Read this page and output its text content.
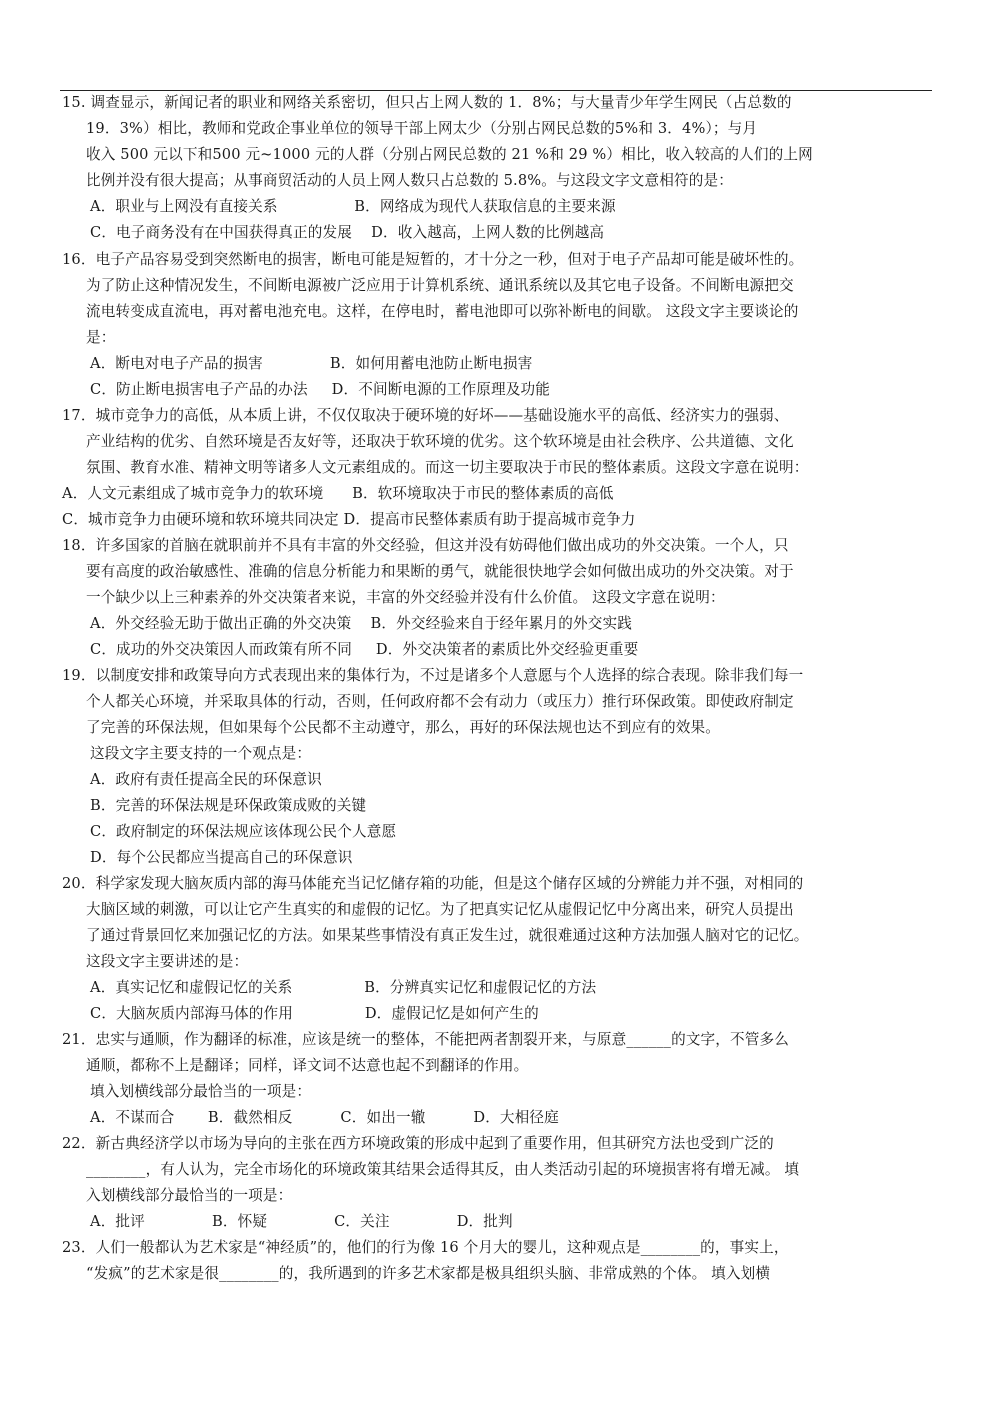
15. 调查显示，新闻记者的职业和网络关系密切，但只占上网人数的 1．8%；与大量青少年学生网民（占总数的
19．3%）相比，教师和党政企事业单位的领导干部上网太少（分别占网民总数的5%和 3．4%）；与月
收入 500 元以下和500 元~1000 元的人群（分别占网民总数的 21 %和 29 %）相比，收入较高的人们的上网
比例并没有很大提高；从事商贸活动的人员上网人数只占总数的 5.8%。与这段文字文意相符的是：
A．职业与上网没有直接关系                B．网络成为现代人获取信息的主要来源
C．电子商务没有在中国获得真正的发展    D．收入越高，上网人数的比例越高
16．电子产品容易受到突然断电的损害，断电可能是短暂的，才十分之一秒，但对于电子产品却可能是破坏性的。
为了防止这种情况发生，不间断电源被广泛应用于计算机系统、通讯系统以及其它电子设备。不间断电源把交
流电转变成直流电，再对蓄电池充电。这样，在停电时，蓄电池即可以弥补断电的间歇。 这段文字主要谈论的
是：
A．断电对电子产品的损害              B．如何用蓄电池防止断电损害
C．防止断电损害电子产品的办法     D．不间断电源的工作原理及功能
17．城市竞争力的高低，从本质上讲，不仅仅取决于硬环境的好坏——基础设施水平的高低、经济实力的强弱、
产业结构的优劣、自然环境是否友好等，还取决于软环境的优劣。这个软环境是由社会秩序、公共道德、文化
氛围、教育水准、精神文明等诸多人文元素组成的。而这一切主要取决于市民的整体素质。这段文字意在说明：
A．人文元素组成了城市竞争力的软环境      B．软环境取决于市民的整体素质的高低
C．城市竞争力由硬环境和软环境共同决定 D．提高市民整体素质有助于提高城市竞争力
18．许多国家的首脑在就职前并不具有丰富的外交经验，但这并没有妨碍他们做出成功的外交决策。一个人，只
要有高度的政治敏感性、准确的信息分析能力和果断的勇气，就能很快地学会如何做出成功的外交决策。对于
一个缺少以上三种素养的外交决策者来说，丰富的外交经验并没有什么价值。 这段文字意在说明：
A．外交经验无助于做出正确的外交决策    B．外交经验来自于经年累月的外交实践
C．成功的外交决策因人而政策有所不同     D．外交决策者的素质比外交经验更重要
19．以制度安排和政策导向方式表现出来的集体行为，不过是诸多个人意愿与个人选择的综合表现。除非我们每一
个人都关心环境，并采取具体的行动，否则，任何政府都不会有动力（或压力）推行环保政策。即使政府制定
了完善的环保法规，但如果每个公民都不主动遵守，那么，再好的环保法规也达不到应有的效果。
这段文字主要支持的一个观点是：
A．政府有责任提高全民的环保意识
B．完善的环保法规是环保政策成败的关键
C．政府制定的环保法规应该体现公民个人意愿
D．每个公民都应当提高自己的环保意识
20．科学家发现大脑灰质内部的海马体能充当记忆储存箱的功能，但是这个储存区域的分辨能力并不强，对相同的
大脑区域的刺激，可以让它产生真实的和虚假的记忆。为了把真实记忆从虚假记忆中分离出来，研究人员提出
了通过背景回忆来加强记忆的方法。如果某些事情没有真正发生过，就很难通过这种方法加强人脑对它的记忆。
这段文字主要讲述的是：
A．真实记忆和虚假记忆的关系               B．分辨真实记忆和虚假记忆的方法
C．大脑灰质内部海马体的作用               D．虚假记忆是如何产生的
21．忠实与通顺，作为翻译的标准，应该是统一的整体，不能把两者割裂开来，与原意______的文字，不管多么
通顺，都称不上是翻译；同样，译文词不达意也起不到翻译的作用。
填入划横线部分最恰当的一项是：
A．不谋而合       B．截然相反          C．如出一辙          D．大相径庭
22．新古典经济学以市场为导向的主张在西方环境政策的形成中起到了重要作用，但其研究方法也受到广泛的
________，有人认为，完全市场化的环境政策其结果会适得其反，由人类活动引起的环境损害将有增无减。 填
入划横线部分最恰当的一项是：
A．批评              B．怀疑              C．关注              D．批判
23．人们一般都认为艺术家是“神经质”的，他们的行为像 16 个月大的婴儿，这种观点是________的，事实上，
“发疯”的艺术家是很________的，我所遇到的许多艺术家都是极具组织头脑、非常成熟的个体。 填入划横
